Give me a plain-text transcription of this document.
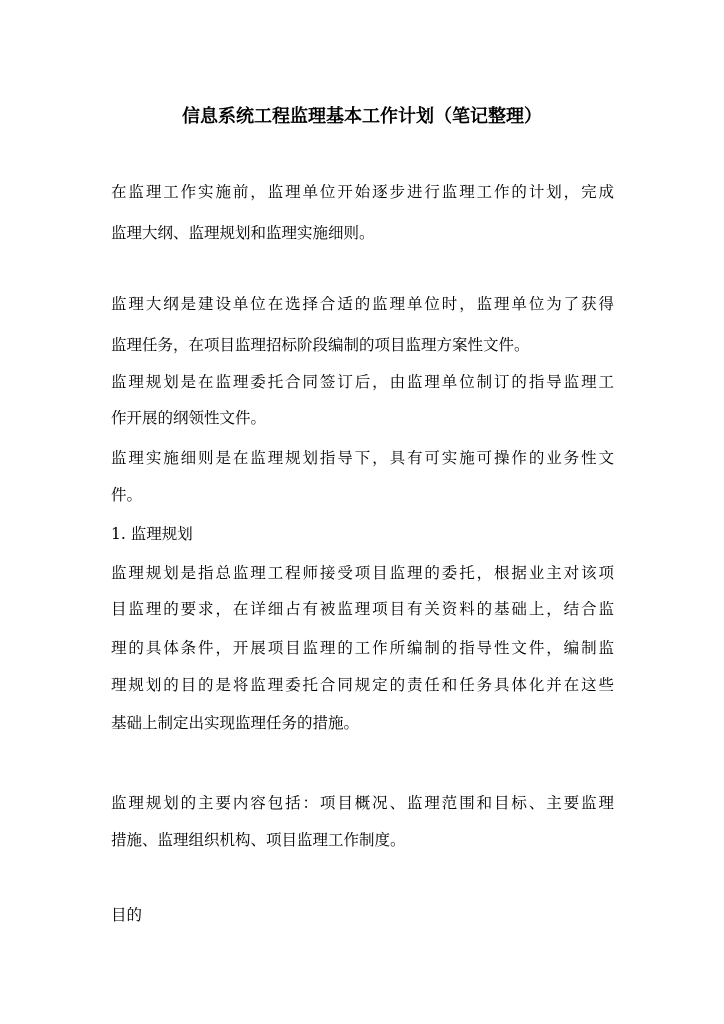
信息系统工程监理基本工作计划（笔记整理）
在监理工作实施前，监理单位开始逐步进行监理工作的计划，完成
监理大纲、监理规划和监理实施细则。
监理大纲是建设单位在选择合适的监理单位时，监理单位为了获得
监理任务，在项目监理招标阶段编制的项目监理方案性文件。
监理规划是在监理委托合同签订后，由监理单位制订的指导监理工
作开展的纲领性文件。
监理实施细则是在监理规划指导下，具有可实施可操作的业务性文
件。
1. 监理规划
监理规划是指总监理工程师接受项目监理的委托，根据业主对该项
目监理的要求，在详细占有被监理项目有关资料的基础上，结合监
理的具体条件，开展项目监理的工作所编制的指导性文件，编制监
理规划的目的是将监理委托合同规定的责任和任务具体化并在这些
基础上制定出实现监理任务的措施。
监理规划的主要内容包括：项目概况、监理范围和目标、主要监理
措施、监理组织机构、项目监理工作制度。
目的
